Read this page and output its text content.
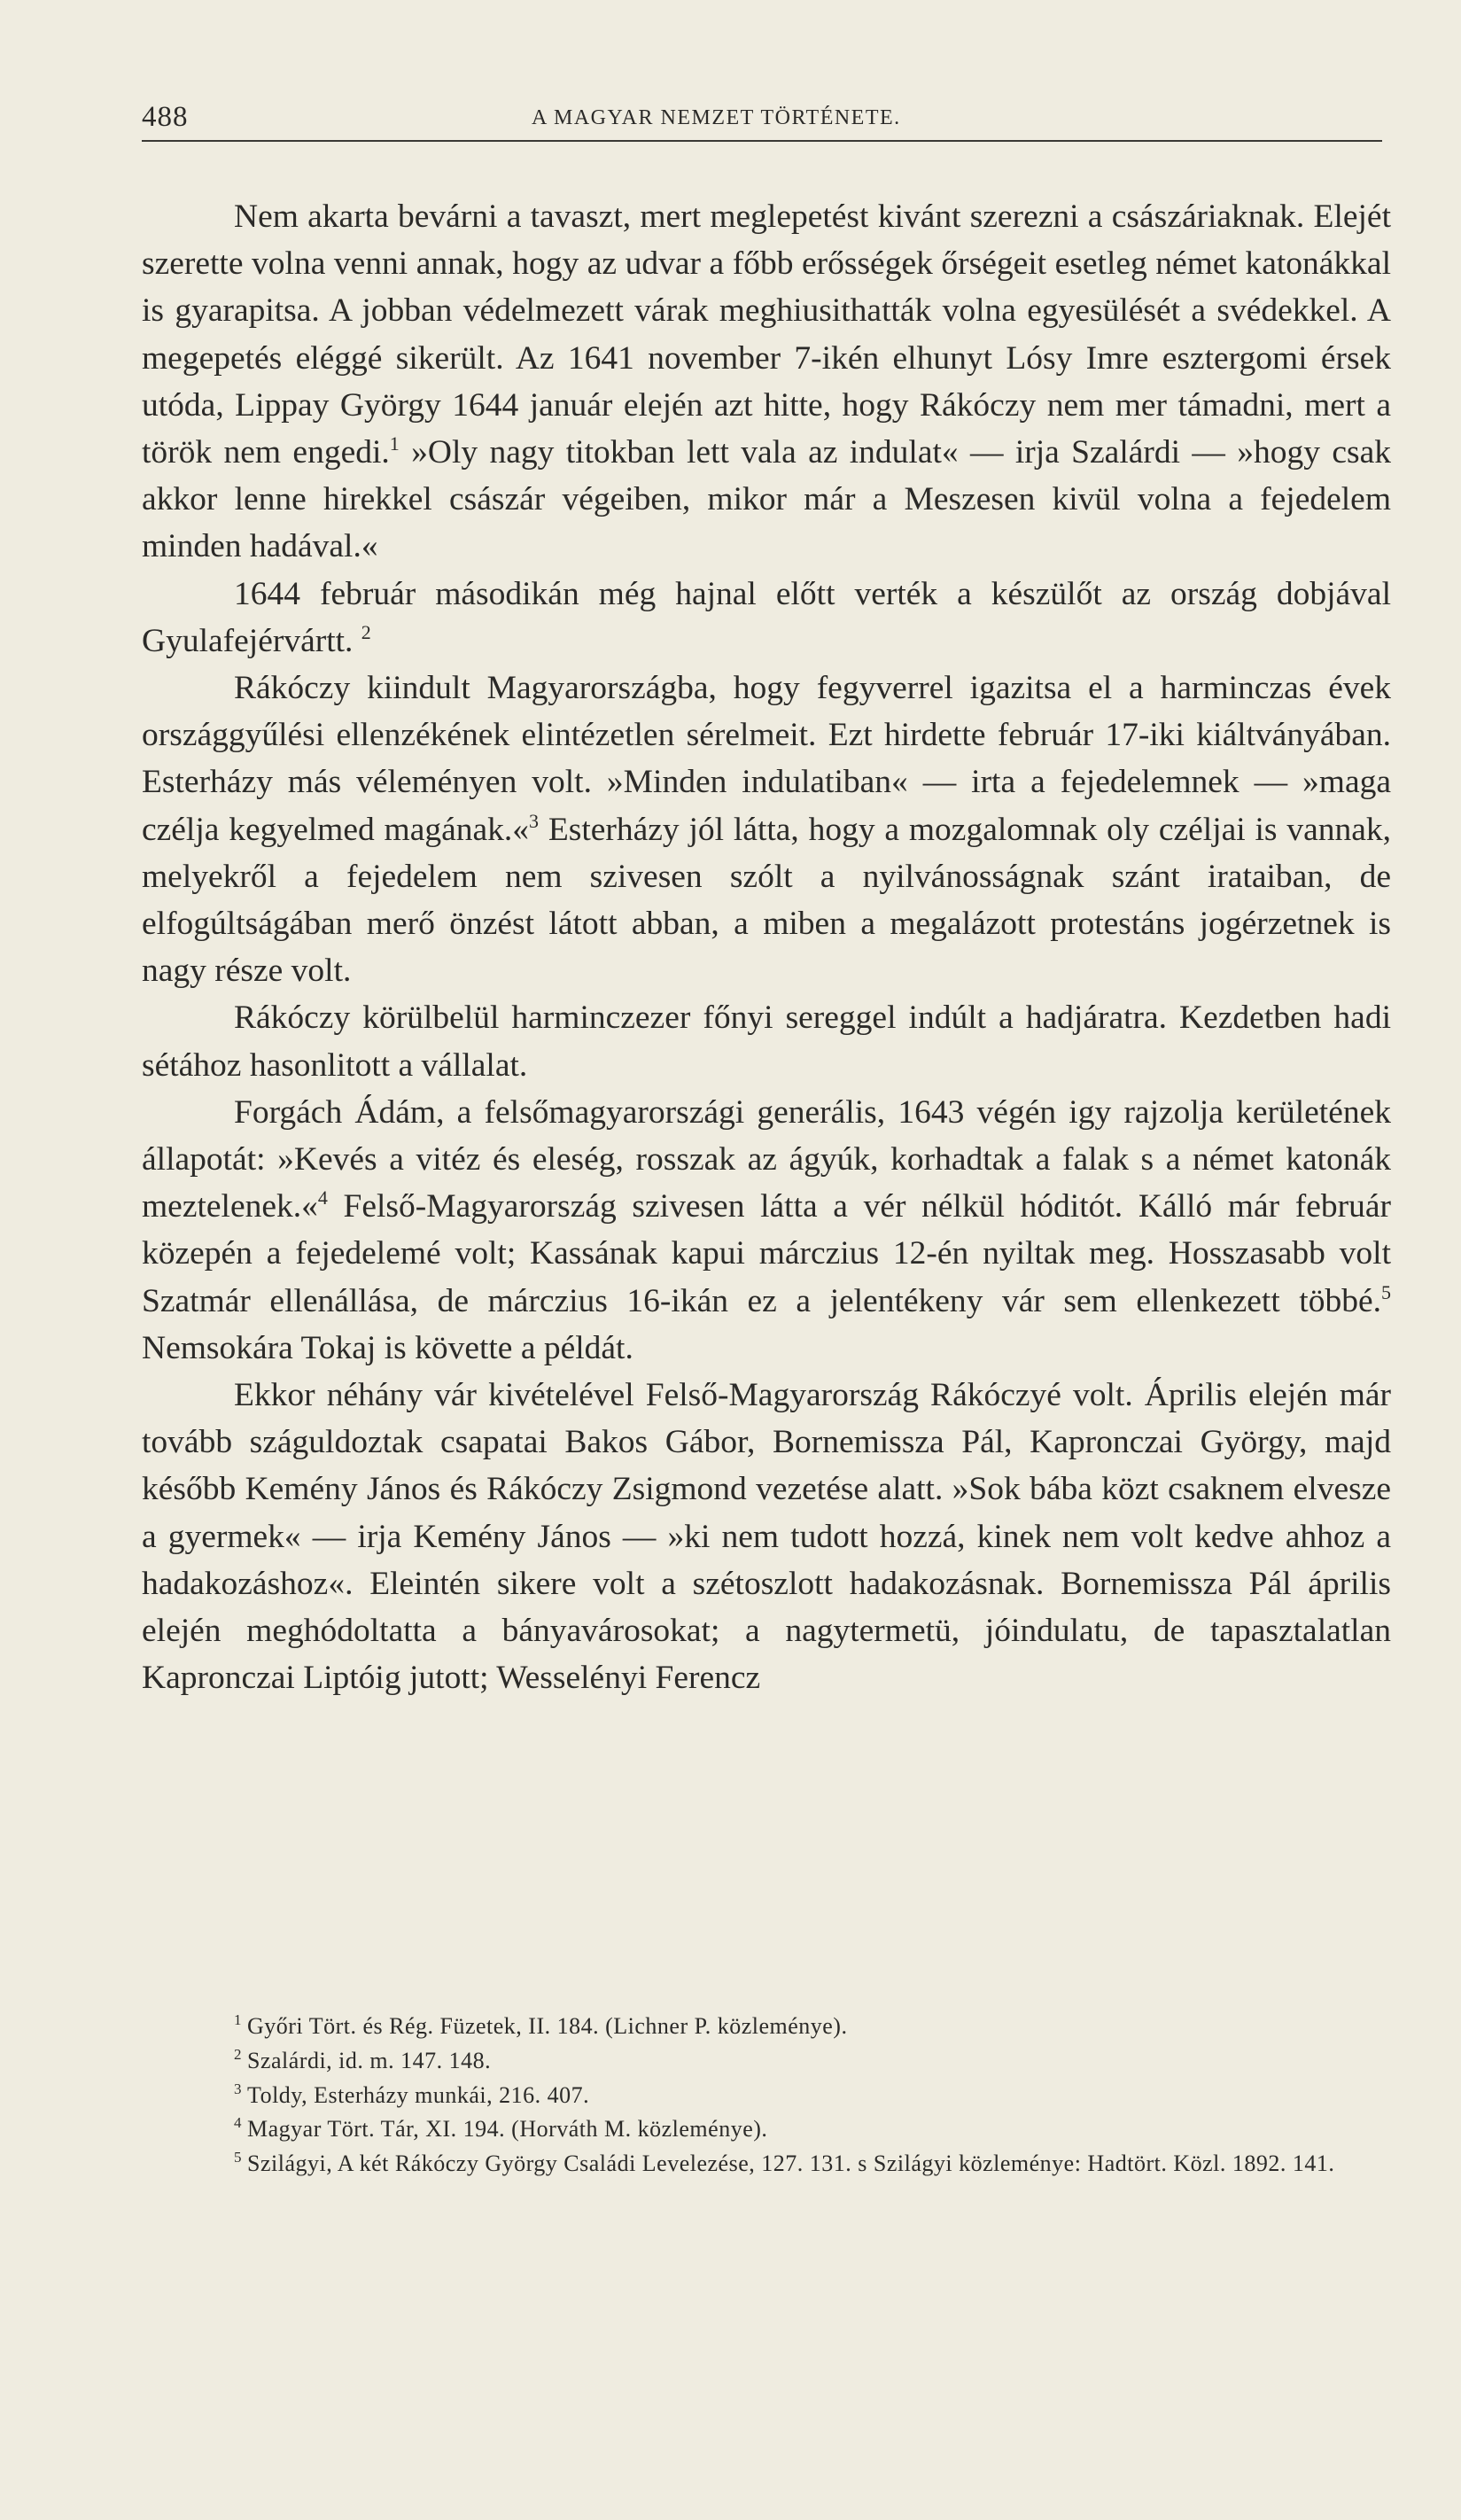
488	A MAGYAR NEMZET TÖRTÉNETE.

Nem akarta bevárni a tavaszt, mert meglepetést kivánt szerezni a császáriaknak. Elejét szerette volna venni annak, hogy az udvar a főbb erősségek őrségeit esetleg német katonákkal is gyarapitsa. A jobban védelmezett várak meghiusithatták volna egyesülését a svédekkel. A megepetés eléggé sikerült. Az 1641 november 7-ikén elhunyt Lósy Imre esztergomi érsek utóda, Lippay György 1644 január elején azt hitte, hogy Rákóczy nem mer támadni, mert a török nem engedi.$^1$ »Oly nagy titokban lett vala az indulat« — irja Szalárdi — »hogy csak akkor lenne hirekkel császár végeiben, mikor már a Meszesen kivül volna a fejedelem minden hadával.«

1644 február másodikán még hajnal előtt verték a készülőt az ország dobjával Gyulafejérvártt. $^2$

Rákóczy kiindult Magyarországba, hogy fegyverrel igazitsa el a harminczas évek országgyűlési ellenzékének elintézetlen sérelmeit. Ezt hirdette február 17-iki kiáltványában. Esterházy más véleményen volt. »Minden indulatiban« — irta a fejedelemnek — »maga czélja kegyelmed magának.«$^3$ Esterházy jól látta, hogy a mozgalomnak oly czéljai is vannak, melyekről a fejedelem nem szivesen szólt a nyilvánosságnak szánt irataiban, de elfogúltságában merő önzést látott abban, a miben a megalázott protestáns jogérzetnek is nagy része volt.

Rákóczy körülbelül harminczezer főnyi sereggel indúlt a hadjáratra. Kezdetben hadi sétához hasonlitott a vállalat.

Forgách Ádám, a felsőmagyarországi generális, 1643 végén igy rajzolja kerületének állapotát: »Kevés a vitéz és eleség, rosszak az ágyúk, korhadtak a falak s a német katonák meztelenek.«$^4$ Felső-Magyarország szivesen látta a vér nélkül hóditót. Kálló már február közepén a fejedelemé volt; Kassának kapui márczius 12-én nyiltak meg. Hosszasabb volt Szatmár ellenállása, de márczius 16-ikán ez a jelentékeny vár sem ellenkezett többé.$^5$ Nemsokára Tokaj is követte a példát.

Ekkor néhány vár kivételével Felső-Magyarország Rákóczyé volt. Április elején már tovább száguldoztak csapatai Bakos Gábor, Bornemissza Pál, Kapronczai György, majd később Kemény János és Rákóczy Zsigmond vezetése alatt. »Sok bába közt csaknem elvesze a gyermek« — irja Kemény János — »ki nem tudott hozzá, kinek nem volt kedve ahhoz a hadakozáshoz«. Eleintén sikere volt a szétoszlott hadakozásnak. Bornemissza Pál április elején meghódoltatta a bányavárosokat; a nagytermetü, jóindulatu, de tapasztalatlan Kapronczai Liptóig jutott; Wesselényi Ferencz

$^1$ Győri Tört. és Rég. Füzetek, II. 184. (Lichner P. közleménye).
$^2$ Szalárdi, id. m. 147. 148.
$^3$ Toldy, Esterházy munkái, 216. 407.
$^4$ Magyar Tört. Tár, XI. 194. (Horváth M. közleménye).
$^5$ Szilágyi, A két Rákóczy György Családi Levelezése, 127. 131. s Szilágyi közleménye: Hadtört. Közl. 1892. 141.
